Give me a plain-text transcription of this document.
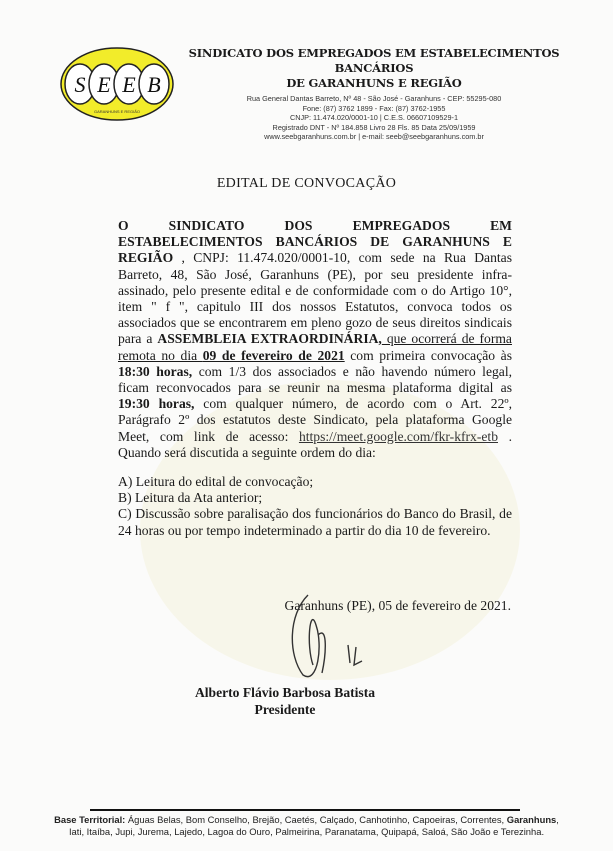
S E E B
GARANHUNS E REGIÃO
SINDICATO DOS EMPREGADOS EM ESTABELECIMENTOS BANCÁRIOS
DE GARANHUNS E REGIÃO
Rua General Dantas Barreto, Nº 48 - São José - Garanhuns - CEP: 55295-080
Fone: (87) 3762 1899 - Fax: (87) 3762-1955
CNJP: 11.474.020/0001-10 | C.E.S. 06607109529-1
Registrado DNT - Nº 184.858 Livro 28 Fls. 85 Data 25/09/1959
www.seebgaranhuns.com.br | e-mail: seeb@seebgaranhuns.com.br
EDITAL DE CONVOCAÇÃO
O SINDICATO DOS EMPREGADOS EM ESTABELECIMENTOS BANCÁRIOS DE GARANHUNS E REGIÃO , CNPJ: 11.474.020/0001-10, com sede na Rua Dantas Barreto, 48, São José, Garanhuns (PE), por seu presidente infra-assinado, pelo presente edital e de conformidade com o do Artigo 10°, item " f ", capitulo III dos nossos Estatutos, convoca todos os associados que se encontrarem em pleno gozo de seus direitos sindicais para a ASSEMBLEIA EXTRAORDINÁRIA, que ocorrerá de forma remota no dia 09 de fevereiro de 2021 com primeira convocação às 18:30 horas, com 1/3 dos associados e não havendo número legal, ficam reconvocados para se reunir na mesma plataforma digital as 19:30 horas, com qualquer número, de acordo com o Art. 22º, Parágrafo 2º dos estatutos deste Sindicato, pela plataforma Google Meet, com link de acesso: https://meet.google.com/fkr-kfrx-etb . Quando será discutida a seguinte ordem do dia:

A) Leitura do edital de convocação;

B) Leitura da Ata anterior;

C) Discussão sobre paralisação dos funcionários do Banco do Brasil, de 24 horas ou por tempo indeterminado a partir do dia 10 de fevereiro.

Garanhuns (PE), 05 de fevereiro de 2021.
Alberto Flávio Barbosa Batista
Presidente
Base Territorial: Águas Belas, Bom Conselho, Brejão, Caetés, Calçado, Canhotinho, Capoeiras, Correntes, Garanhuns,
Iati, Itaíba, Jupi, Jurema, Lajedo, Lagoa do Ouro, Palmeirina, Paranatama, Quipapá, Saloá, São João e Terezinha.
